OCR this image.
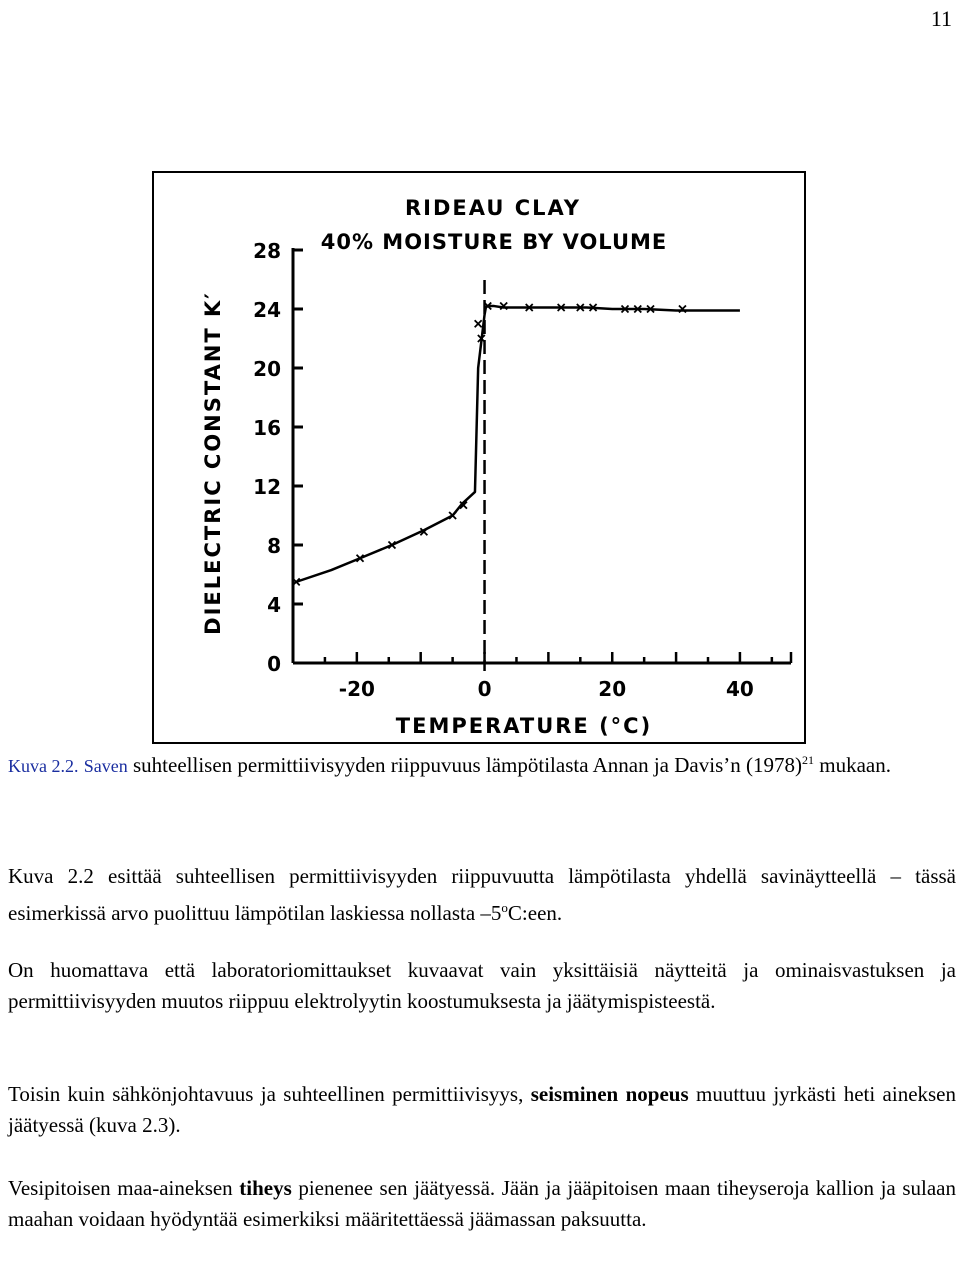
11
RIDEAU CLAY
40% MOISTURE BY VOLUME
DIELECTRIC CONSTANT K′
TEMPERATURE (°C)
0
4
8
12
16
20
24
28
-20	0	20	40
Kuva 2.2. Saven suhteellisen permittiivisyyden riippuvuus lämpötilasta Annan ja Davis’n $(1978)^{21}$ mukaan.

Kuva 2.2 esittää suhteellisen permittiivisyyden riippuvuutta lämpötilasta yhdellä savinäytteellä – tässä esimerkissä arvo puolittuu lämpötilan laskiessa nollasta –5$^o$C:een.

On huomattava että laboratoriomittaukset kuvaavat vain yksittäisiä näytteitä ja ominaisvastuksen ja permittiivisyyden muutos riippuu elektrolyytin koostumuksesta ja jäätymispisteestä.

Toisin kuin sähkönjohtavuus ja suhteellinen permittiivisyys, seisminen nopeus muuttuu jyrkästi heti aineksen jäätyessä (kuva 2.3).

Vesipitoisen maa-aineksen tiheys pienenee sen jäätyessä. Jään ja jääpitoisen maan tiheyseroja kallion ja sulaan maahan voidaan hyödyntää esimerkiksi määritettäessä jäämassan paksuutta.
